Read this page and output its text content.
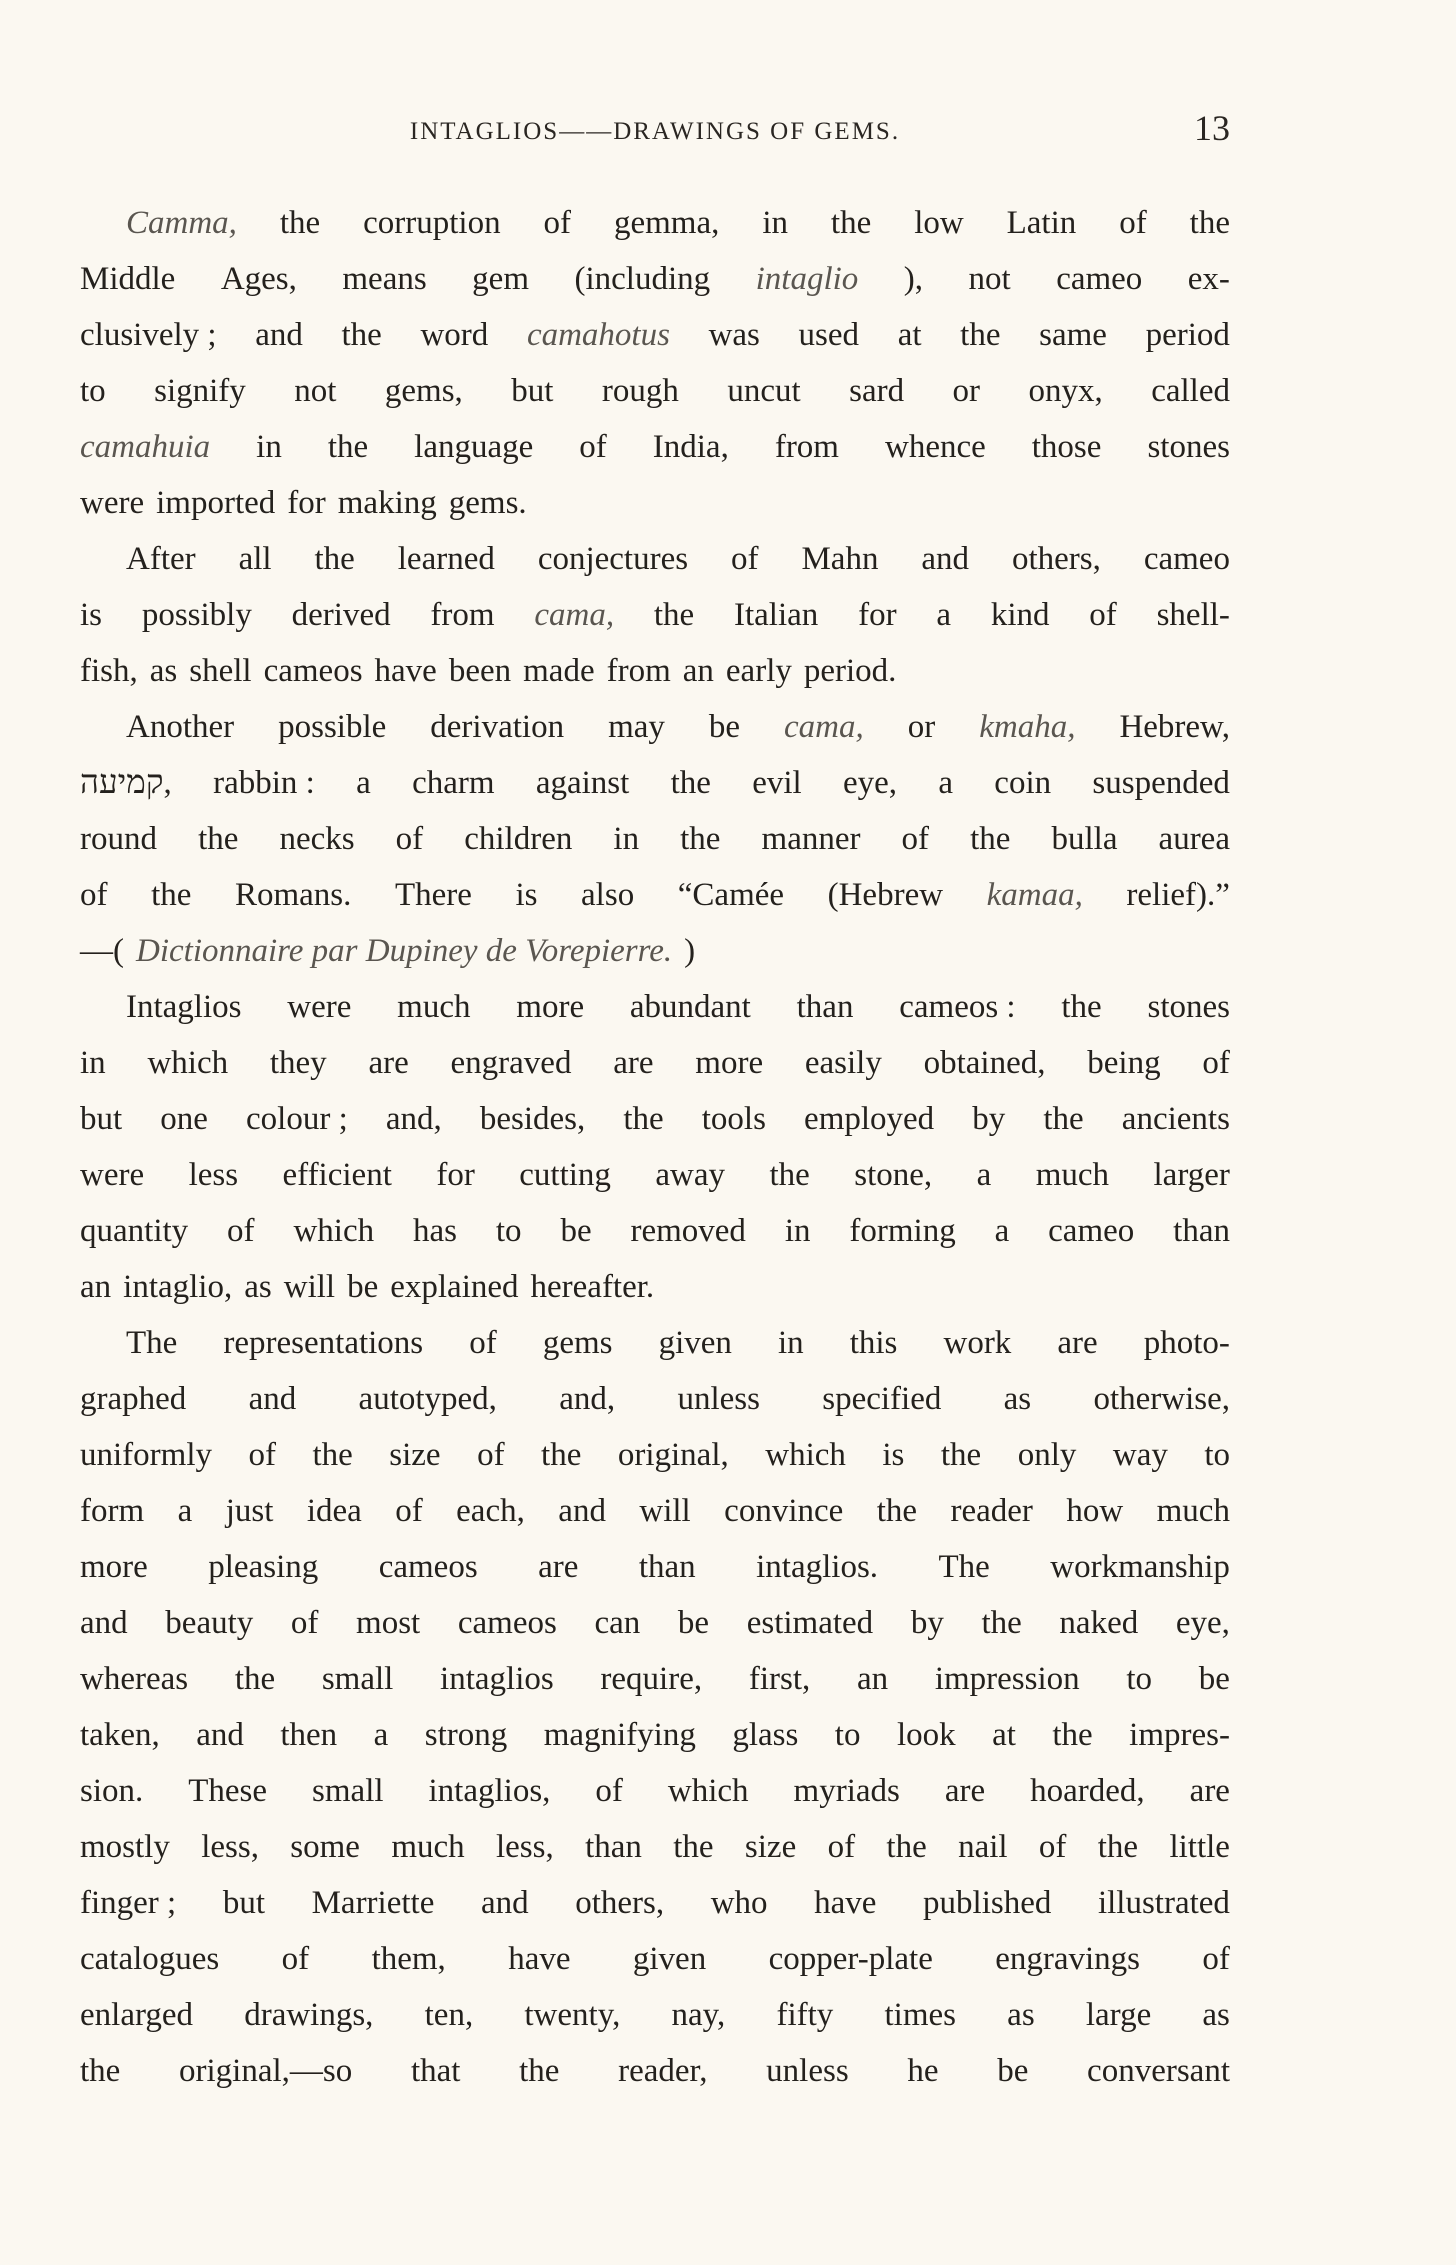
INTAGLIOS——DRAWINGS OF GEMS.	13
Camma, the corruption of gemma, in the low Latin of the
Middle Ages, means gem (including intaglio ), not cameo ex-
clusively ; and the word camahotus was used at the same period
to signify not gems, but rough uncut sard or onyx, called
camahuia in the language of India, from whence those stones
were imported for making gems.
After all the learned conjectures of Mahn and others, cameo
is possibly derived from cama, the Italian for a kind of shell-
fish, as shell cameos have been made from an early period.
Another possible derivation may be cama, or kmaha, Hebrew,
קמיעה, rabbin : a charm against the evil eye, a coin suspended
round the necks of children in the manner of the bulla aurea
of the Romans. There is also “Camée (Hebrew kamaa, relief).”
—( Dictionnaire par Dupiney de Vorepierre. )
Intaglios were much more abundant than cameos : the stones
in which they are engraved are more easily obtained, being of
but one colour ; and, besides, the tools employed by the ancients
were less efficient for cutting away the stone, a much larger
quantity of which has to be removed in forming a cameo than
an intaglio, as will be explained hereafter.
The representations of gems given in this work are photo-
graphed and autotyped, and, unless specified as otherwise,
uniformly of the size of the original, which is the only way to
form a just idea of each, and will convince the reader how much
more pleasing cameos are than intaglios. The workmanship
and beauty of most cameos can be estimated by the naked eye,
whereas the small intaglios require, first, an impression to be
taken, and then a strong magnifying glass to look at the impres-
sion. These small intaglios, of which myriads are hoarded, are
mostly less, some much less, than the size of the nail of the little
finger ; but Marriette and others, who have published illustrated
catalogues of them, have given copper-plate engravings of
enlarged drawings, ten, twenty, nay, fifty times as large as
the original,—so that the reader, unless he be conversant
